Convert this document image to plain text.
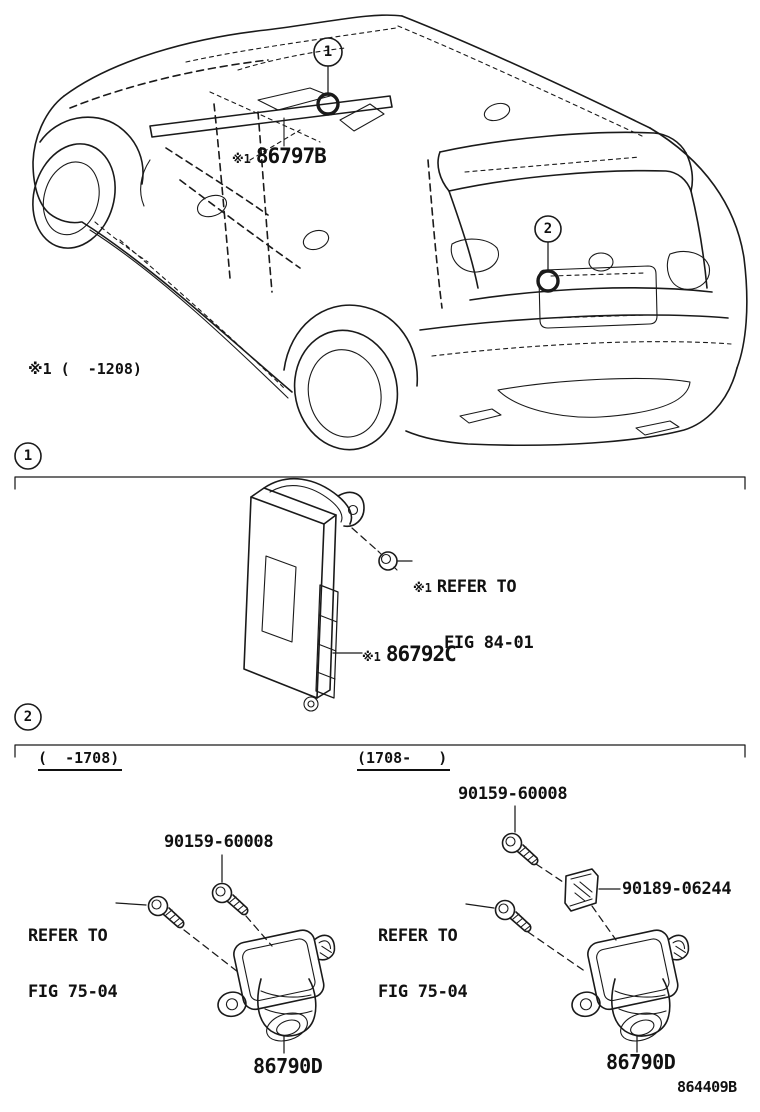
1
2
※1 86797B
※1 (  -1208)
1

※1 REFER TO

FIG 84-01

※1 86792C
2
(  -1708)	(1708-   )
90159-60008

REFER TO

FIG 75-04

86790D
90159-60008
90189-06244

REFER TO

FIG 75-04

86790D
864409B
